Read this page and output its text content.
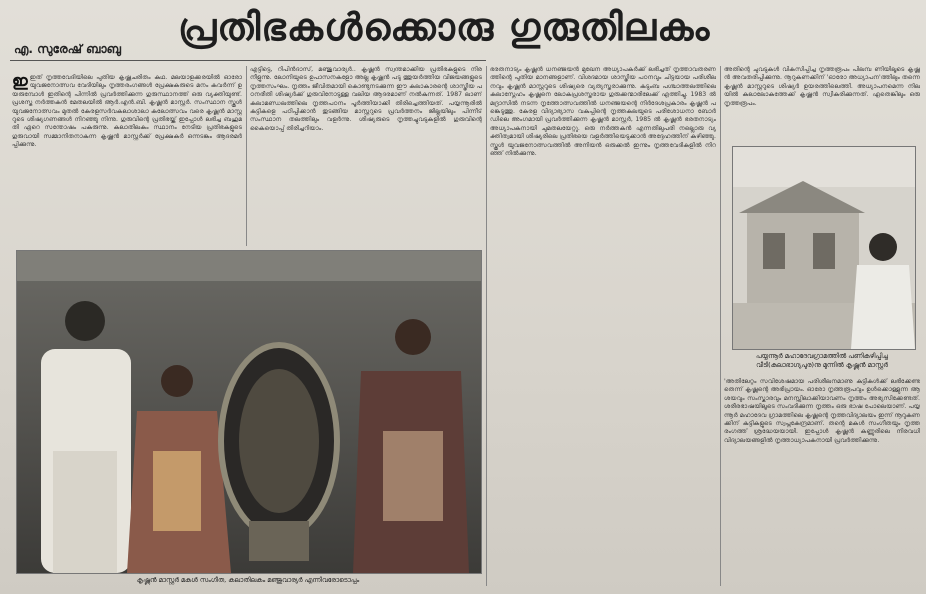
പ്രതിഭകൾക്കൊരു ഗുരുതിലകം
എ. സുരേഷ് ബാബു
ഇ ഇത് നൃത്തവേദിയിലെ പുതിയ കൃഷ്ണചരിതം കഥ. മലയാളക്കരയിൽ ഓരോ യുവജനോത്സവ വേദിയിലും നൃത്തരംഗങ്ങൾ പ്രേക്ഷകരുടെ മനം കവർന്ന് ഉയരുമ്പോൾ ഇതിന്റെ പിന്നിൽ പ്രവർത്തിക്കുന്ന ഗുരുസ്ഥാനത്ത് ഒരു വ്യക്തിയുണ്ട്. പ്രശസ്ത നർത്തകൻ മേതലയിൽ ആർ.എൻ.ബി. കൃഷ്ണൻ മാസ്റ്റർ. സംസ്ഥാന സ്കൂൾ യുവജനോത്സവം മുതൽ കേരളസർവകലാശാലാ കലോത്സവം വരെ കൃഷ്ണൻ മാസ്റ്ററുടെ ശിഷ്യഗണങ്ങൾ നിറഞ്ഞു നിന്നു. ഗുരുവിന്റെ പ്രതിഭയ്ക്ക് ഇപ്പോൾ ലഭിച്ച ബഹുമതി ഏറെ സന്തോഷം പകരുന്നു. കലാതിലകം സ്ഥാനം നേടിയ പ്രതിഭകളുടെ ഗുരുവായി സമ്മാനിതനാകുന്ന കൃഷ്ണൻ മാസ്റ്റർക്ക് പ്രേക്ഷകർ ഒന്നടങ്കം ആദരമർപ്പിക്കുന്നു.
എട്ടിട്ടെ, റിപിൻദാസ്, മഞ്ജുവാര്യർ.. കൃഷ്ണൻ സ്വന്തമാക്കിയ പ്രതിഭകളുടെ നിര നീളുന്നു. ലോനിയുടെ ഉപാസനകളോ അല്ല കൃഷ്ണൻ പടു ത്തുയർത്തിയ വിജയങ്ങളുടെ നൃത്തസംഘം. നൃത്തം ജീവിതമായി കൊണ്ടുനടക്കുന്ന ഈ കലാകാരന്റെ ശാസ്ത്രീയ പഠനരീതി ശിഷ്യർക്ക് ഗുരുവിനോടുള്ള വലിയ ആദരമാണ് നൽകുന്നത്. 1987 ലാണ് കലാമണ്ഡലത്തിലെ നൃത്തപഠനം പൂർത്തിയാക്കി തിരിച്ചെത്തിയത്. പയ്യന്നൂരിൽ കുട്ടികളെ പഠിപ്പിക്കാൻ തുടങ്ങിയ മാസ്റ്ററുടെ പ്രവർത്തനം ജില്ലയിലും പിന്നീട് സംസ്ഥാന തലത്തിലും വളർന്നു. ശിഷ്യരുടെ നൃത്തച്ചുവടുകളിൽ ഗുരുവിന്റെ കൈയൊപ്പ് തിരിച്ചറിയാം.
കൃഷ്ണൻ മാസ്റ്റർ മകൾ സംഗീത, കലാതിലകം മഞ്ജുവാര്യർ എന്നിവരോടൊപ്പം
ഭരതനാട്യം കൃഷ്ണൻ ധനഞ്ജയൻ മുഖേന അധ്യാപകർക്ക് ലഭിച്ചത് നൃത്താവതരണത്തിന്റെ പുതിയ മാനങ്ങളാണ്. വിശദമായ ശാസ്ത്രീയ പഠനവും ചിട്ടയായ പരിശീലനവും കൃഷ്ണൻ മാസ്റ്ററുടെ ശിഷ്യരെ വ്യത്യസ്തരാക്കുന്നു. കുടുംബ പശ്ചാത്തലത്തിലെ കലാസ്നേഹം കൃഷ്ണനെ ലോകപ്രശസ്തരായ ഗുരുക്കന്മാരിലേക്ക് എത്തിച്ചു. 1983 ൽ മദ്രാസിൽ നടന്ന നൃത്തോത്സവത്തിൽ ധനഞ്ജയന്റെ നിർദേശപ്രകാരം കൃഷ്ണൻ പങ്കെടുത്തു. കേരള വിദ്യാഭ്യാസ വകുപ്പിന്റെ നൃത്തകലയുടെ പരിശോധനാ ബോർഡിലെ അംഗമായി പ്രവർത്തിക്കുന്ന കൃഷ്ണൻ മാസ്റ്റർ, 1985 ൽ കൃഷ്ണൻ ഭരതനാട്യം അധ്യാപകനായി ചുമതലയേറ്റു. ഒരു നർത്തകൻ എന്നതിലുപരി നല്ലൊരു വ്യക്തിത്വമായി ശിഷ്യരിലെ പ്രതിഭയെ വളർത്തിയെടുക്കാൻ അദ്ദേഹത്തിന് കഴിഞ്ഞു. സ്കൂൾ യുവജനോത്സവത്തിൽ അനിയൻ ഒരുക്കൽ ഇന്നും നൃത്തവേദികളിൽ നിറഞ്ഞ് നിൽക്കുന്നു.
അതിന്റെ ചുവടുകൾ വികസിപ്പിച്ച നൃത്തരൂപം പിലമ്പ ണിയിലൂടെ കൃഷ്ണൻ അവതരിപ്പിക്കുന്നു. നൂറുകണക്കിന് 'ഓരോ അധ്യാപന'ത്തിലും തന്നെ കൃഷ്ണൻ മാസ്റ്ററുടെ ശിഷ്യർ ഉയരത്തിലെത്തി. അധ്യാപനമെന്ന നിലയിൽ കലാലോകത്തേക്ക് കൃഷ്ണൻ സ്വീകരിക്കുന്നത്. ഏതെങ്കിലും ഒരു നൃത്തരൂപം.
പയ്യന്നൂർ മഹാദേവഗ്രാമത്തിൽ പണികഴിപ്പിച്ച
വീടി(കലാഭാഗ്യപുര)നു മുന്നിൽ കൃഷ്ണൻ മാസ്റ്റർ
'അതിലേറ്റം സവിശേഷമായ പരിശീലനമാണു കുട്ടികൾക്ക് ലഭിക്കേണ്ടതെന്ന് കൃഷ്ണന്റെ അഭിപ്രായം. ഓരോ നൃത്തരൂപവും ഉൾക്കൊള്ളുന്ന ആശയവും സംസ്കാരവും മനസ്സിലാക്കിയാവണം നൃത്തം അഭ്യസിക്കേണ്ടത്. ശരീരഭാഷയിലൂടെ സംവദിക്കുന്ന നൃത്തം ഒരു ഭാഷ പോലെയാണ്. പയ്യന്നൂർ മഹാദേവ ഗ്രാമത്തിലെ കൃഷ്ണന്റെ നൃത്തവിദ്യാലയം ഇന്ന് നൂറുകണക്കിന് കുട്ടികളുടെ സ്വപ്നകേന്ദ്രമാണ്. തന്റെ മകൾ സംഗീതയും നൃത്തരംഗത്ത് ശ്രദ്ധേയയായി. ഇപ്പോൾ കൃഷ്ണൻ കണ്ണൂരിലെ നിരവധി വിദ്യാലയങ്ങളിൽ നൃത്താധ്യാപകനായി പ്രവർത്തിക്കുന്നു.
